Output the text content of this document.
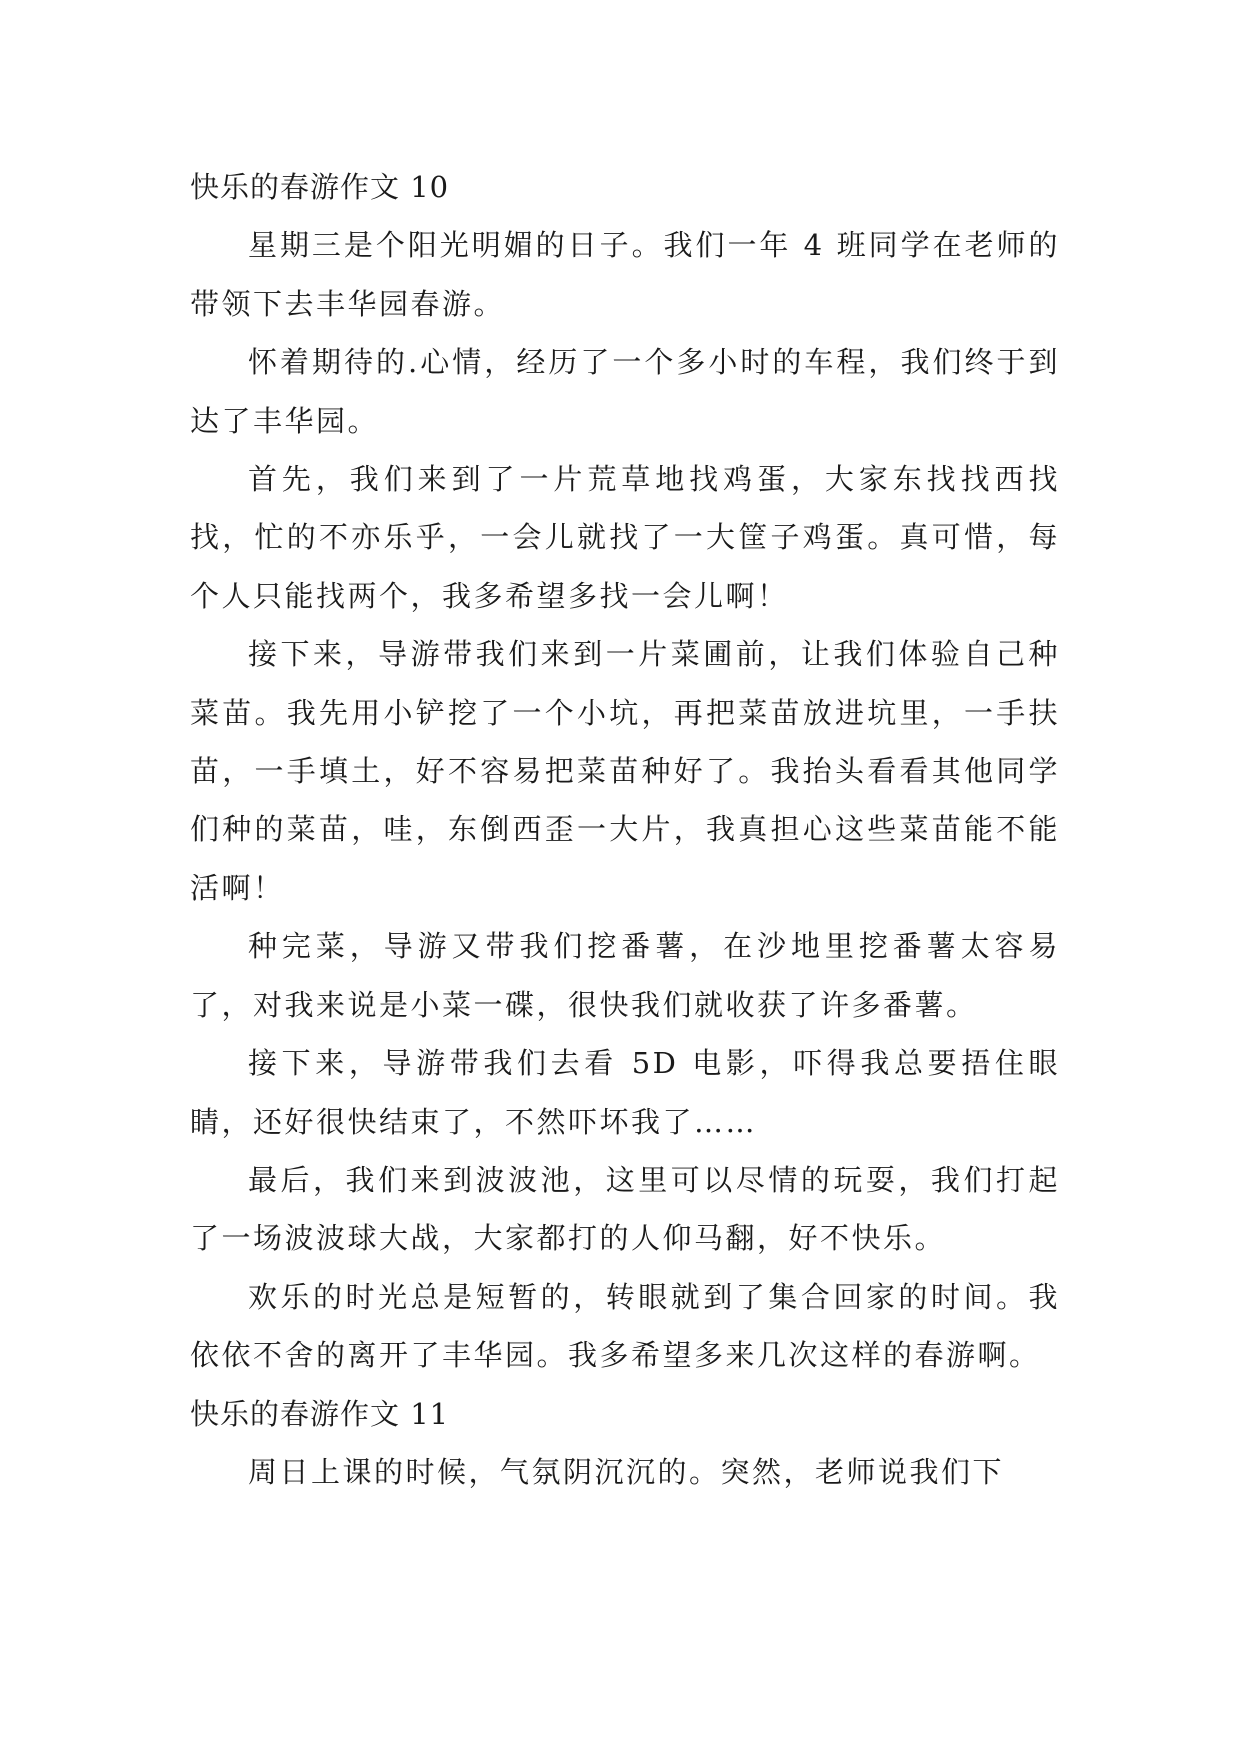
快乐的春游作文 10

星期三是个阳光明媚的日子。我们一年 4 班同学在老师的带领下去丰华园春游。

怀着期待的.心情，经历了一个多小时的车程，我们终于到达了丰华园。

首先，我们来到了一片荒草地找鸡蛋，大家东找找西找找，忙的不亦乐乎，一会儿就找了一大筐子鸡蛋。真可惜，每个人只能找两个，我多希望多找一会儿啊！

接下来，导游带我们来到一片菜圃前，让我们体验自己种菜苗。我先用小铲挖了一个小坑，再把菜苗放进坑里，一手扶苗，一手填土，好不容易把菜苗种好了。我抬头看看其他同学们种的菜苗，哇，东倒西歪一大片，我真担心这些菜苗能不能活啊！

种完菜，导游又带我们挖番薯，在沙地里挖番薯太容易了，对我来说是小菜一碟，很快我们就收获了许多番薯。

接下来，导游带我们去看 5D 电影，吓得我总要捂住眼睛，还好很快结束了，不然吓坏我了……

最后，我们来到波波池，这里可以尽情的玩耍，我们打起了一场波波球大战，大家都打的人仰马翻，好不快乐。

欢乐的时光总是短暂的，转眼就到了集合回家的时间。我依依不舍的离开了丰华园。我多希望多来几次这样的春游啊。

快乐的春游作文 11

周日上课的时候，气氛阴沉沉的。突然，老师说我们下
